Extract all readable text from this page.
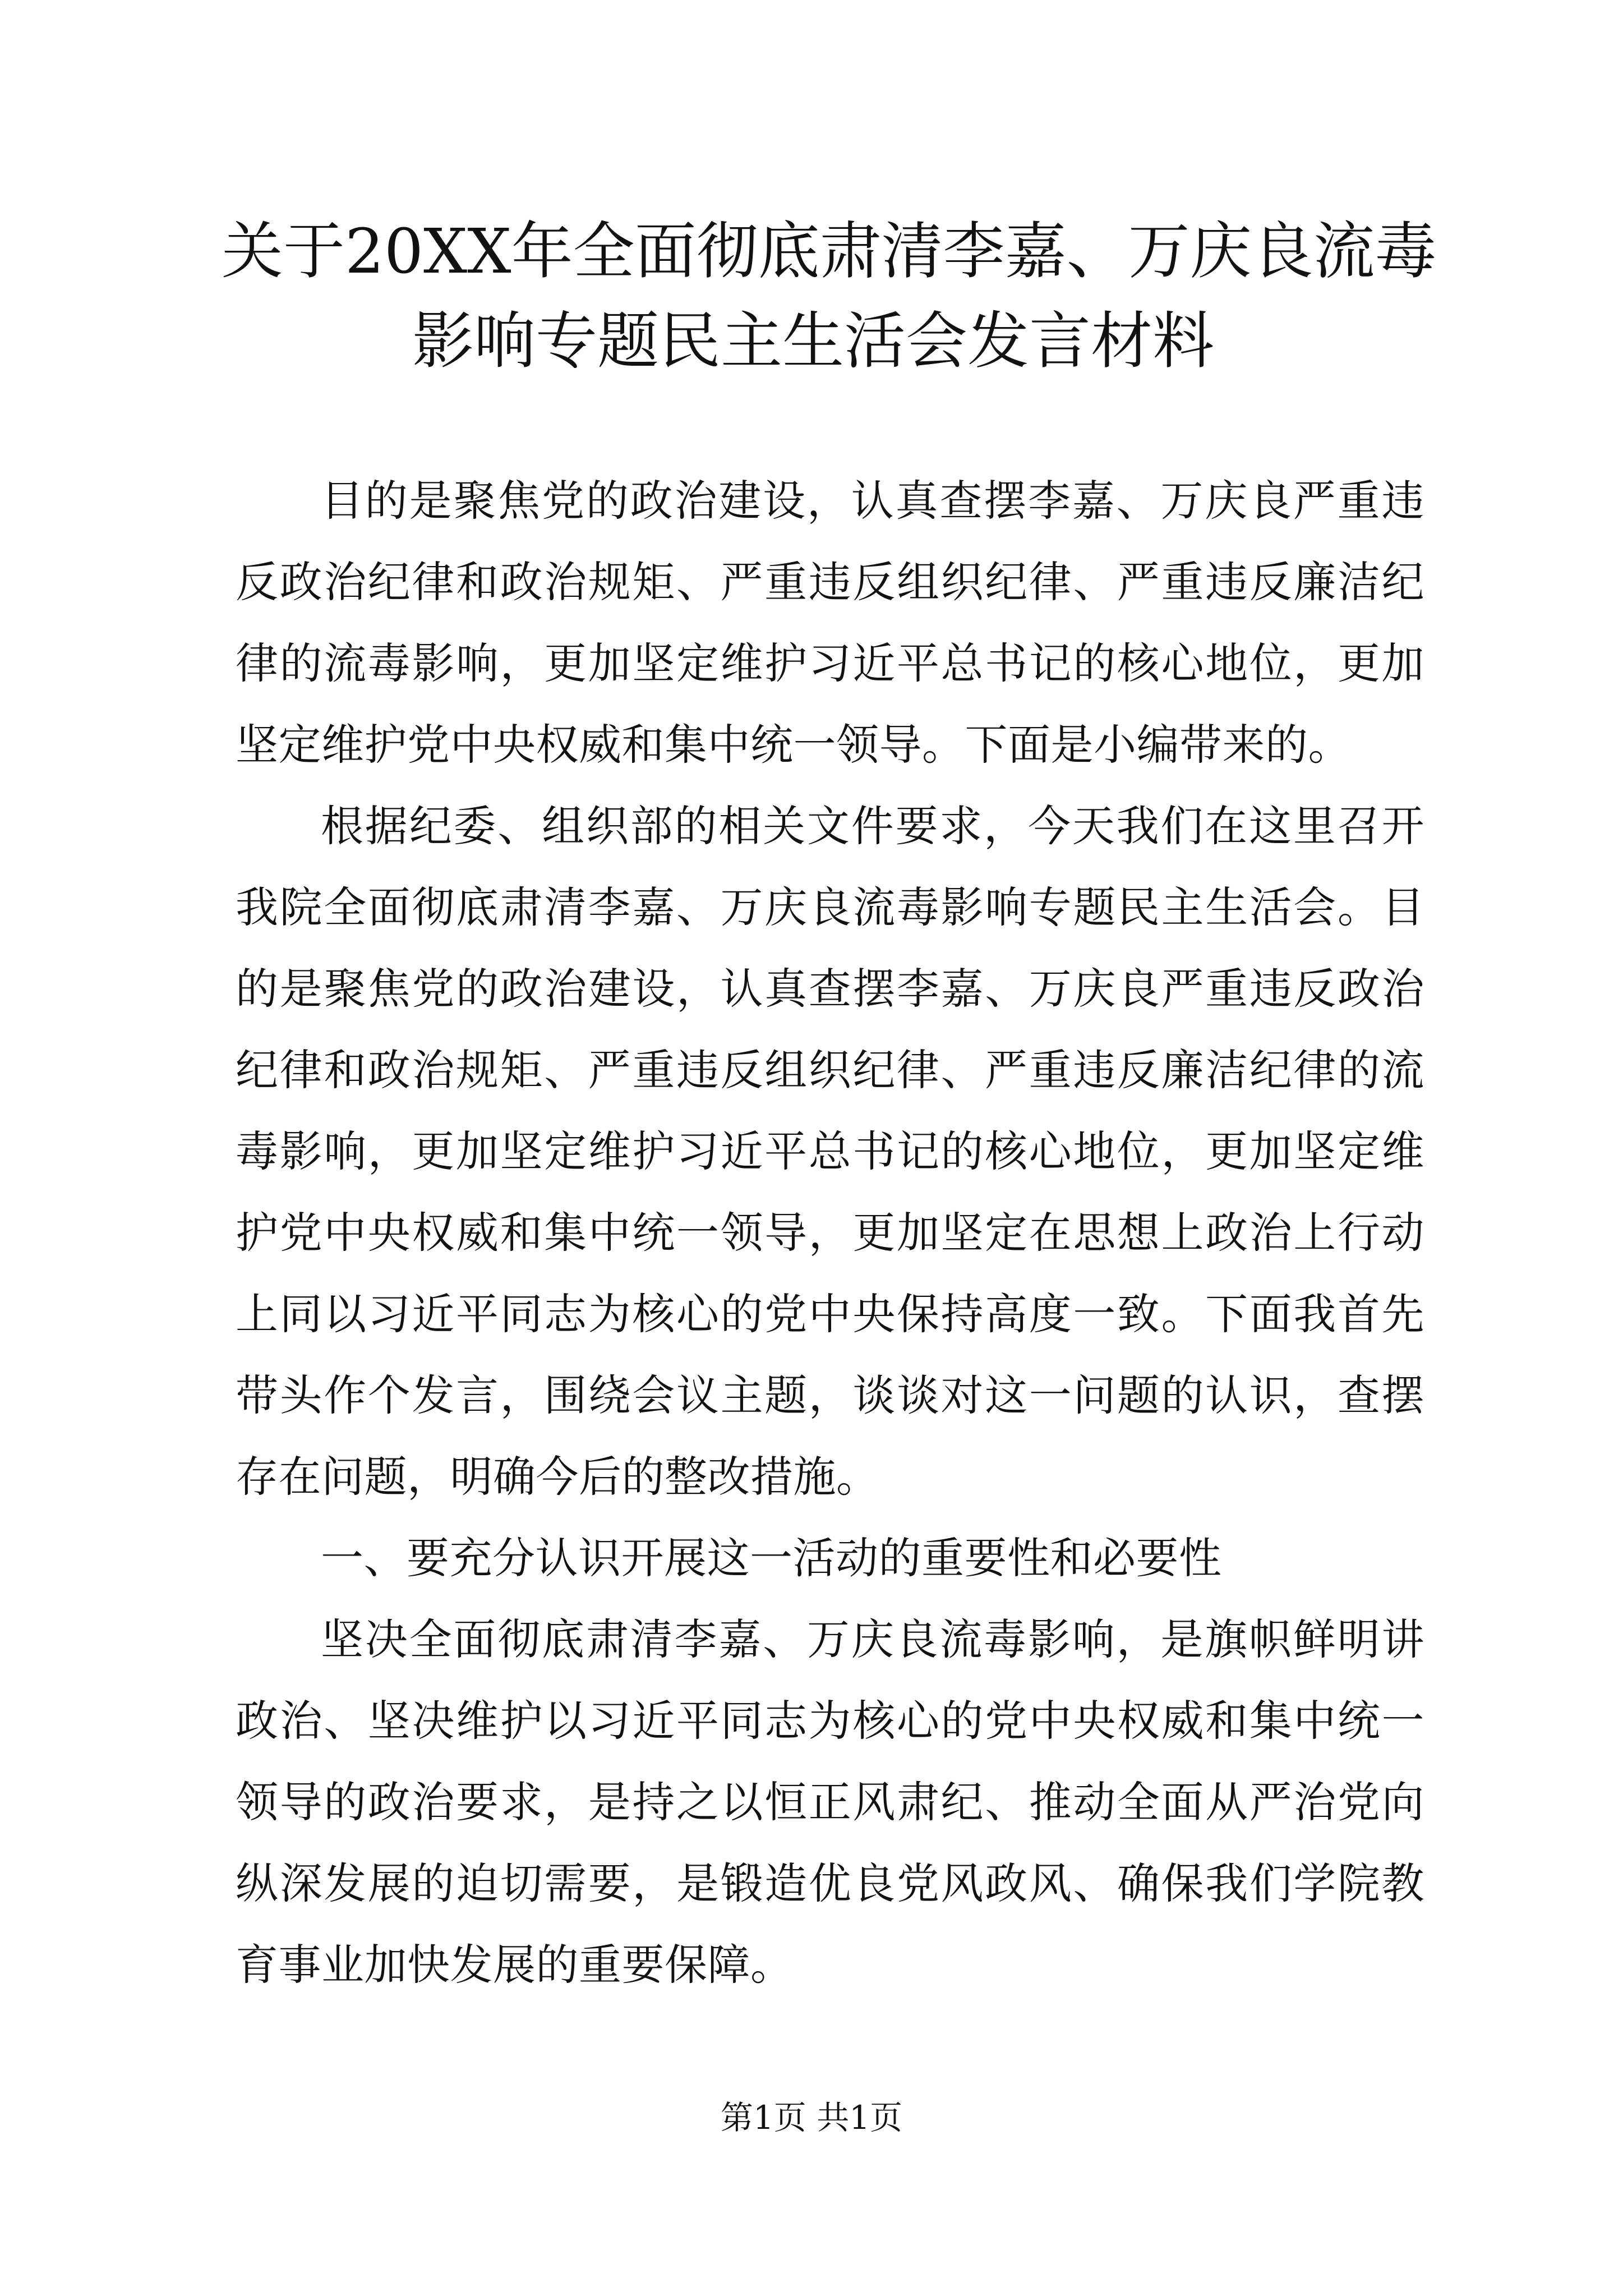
关于20XX年全面彻底肃清李嘉、万庆良流毒
影响专题民主生活会发言材料

目的是聚焦党的政治建设，认真查摆李嘉、万庆良严重违反政治纪律和政治规矩、严重违反组织纪律、严重违反廉洁纪律的流毒影响，更加坚定维护习近平总书记的核心地位，更加坚定维护党中央权威和集中统一领导。下面是小编带来的。

根据纪委、组织部的相关文件要求，今天我们在这里召开我院全面彻底肃清李嘉、万庆良流毒影响专题民主生活会。目的是聚焦党的政治建设，认真查摆李嘉、万庆良严重违反政治纪律和政治规矩、严重违反组织纪律、严重违反廉洁纪律的流毒影响，更加坚定维护习近平总书记的核心地位，更加坚定维护党中央权威和集中统一领导，更加坚定在思想上政治上行动上同以习近平同志为核心的党中央保持高度一致。下面我首先带头作个发言，围绕会议主题，谈谈对这一问题的认识，查摆存在问题，明确今后的整改措施。

一、要充分认识开展这一活动的重要性和必要性

坚决全面彻底肃清李嘉、万庆良流毒影响，是旗帜鲜明讲政治、坚决维护以习近平同志为核心的党中央权威和集中统一领导的政治要求，是持之以恒正风肃纪、推动全面从严治党向纵深发展的迫切需要，是锻造优良党风政风、确保我们学院教育事业加快发展的重要保障。

第1页 共1页
